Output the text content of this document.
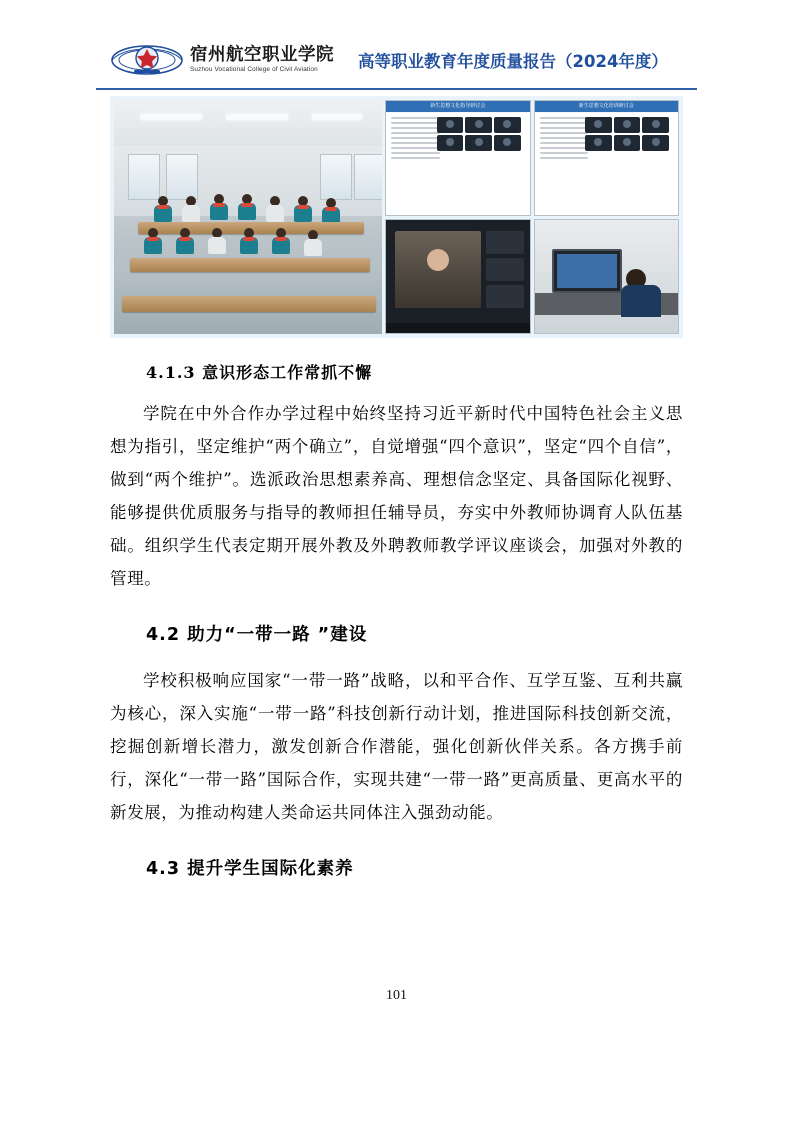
宿州航空职业学院
Suzhou Vocational College of Civil Aviation	高等职业教育年度质量报告（2024年度）
新生思想文化指导研讨会	新生思想文化培训研讨会
4.1.3 意识形态工作常抓不懈

学院在中外合作办学过程中始终坚持习近平新时代中国特色社会主义思想为指引，坚定维护“两个确立”，自觉增强“四个意识”，坚定“四个自信”，做到“两个维护”。选派政治思想素养高、理想信念坚定、具备国际化视野、能够提供优质服务与指导的教师担任辅导员，夯实中外教师协调育人队伍基础。组织学生代表定期开展外教及外聘教师教学评议座谈会，加强对外教的管理。

4.2 助力“一带一路 ”建设

学校积极响应国家“一带一路”战略，以和平合作、互学互鉴、互利共赢为核心，深入实施“一带一路”科技创新行动计划，推进国际科技创新交流，挖掘创新增长潜力，激发创新合作潜能，强化创新伙伴关系。各方携手前行，深化“一带一路”国际合作，实现共建“一带一路”更高质量、更高水平的新发展，为推动构建人类命运共同体注入强劲动能。

4.3 提升学生国际化素养
101
